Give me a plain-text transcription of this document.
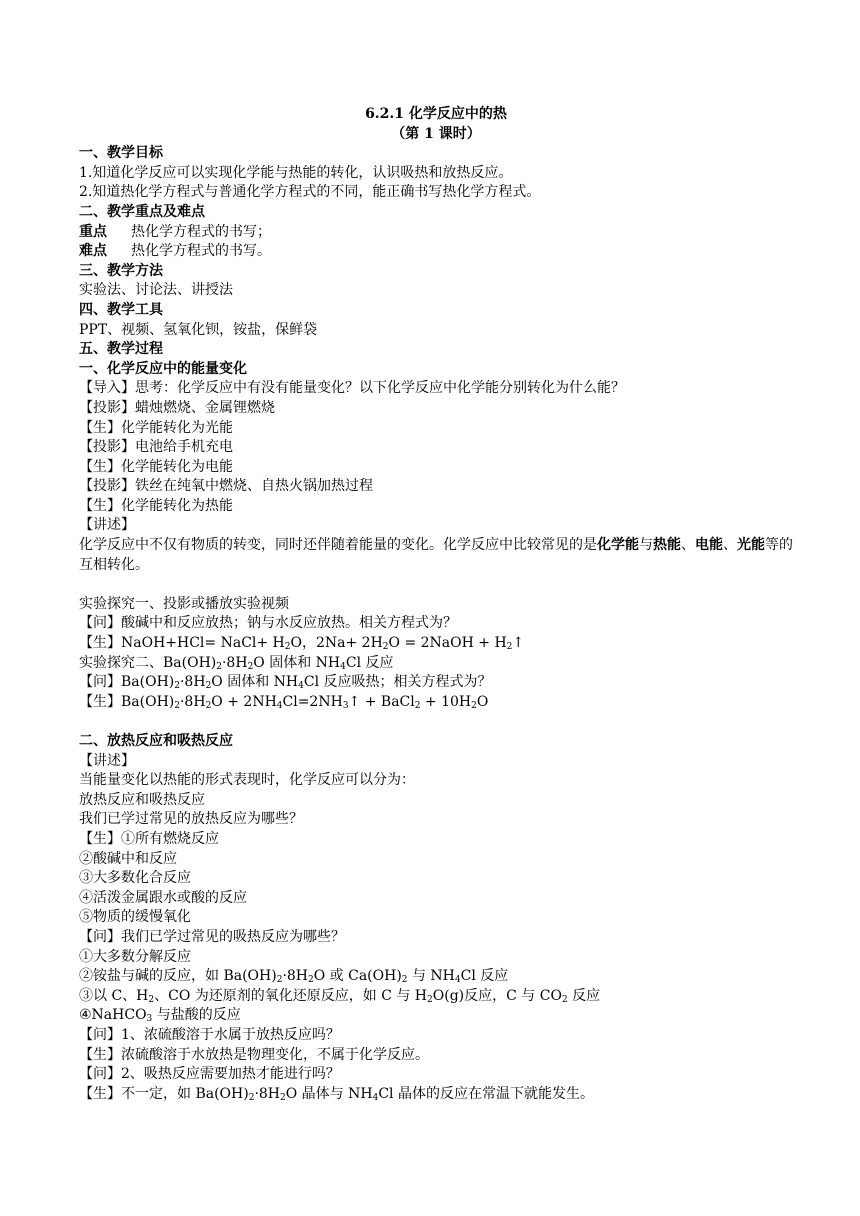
6.2.1 化学反应中的热
（第 1 课时）
一、教学目标
1.知道化学反应可以实现化学能与热能的转化，认识吸热和放热反应。
2.知道热化学方程式与普通化学方程式的不同，能正确书写热化学方程式。
二、教学重点及难点
重点 热化学方程式的书写；
难点 热化学方程式的书写。
三、教学方法
实验法、讨论法、讲授法
四、教学工具
PPT、视频、氢氧化钡，铵盐，保鲜袋
五、教学过程
一、化学反应中的能量变化
【导入】思考：化学反应中有没有能量变化？以下化学反应中化学能分别转化为什么能？
【投影】蜡烛燃烧、金属锂燃烧
【生】化学能转化为光能
【投影】电池给手机充电
【生】化学能转化为电能
【投影】铁丝在纯氧中燃烧、自热火锅加热过程
【生】化学能转化为热能
【讲述】
化学反应中不仅有物质的转变，同时还伴随着能量的变化。化学反应中比较常见的是化学能与热能、电能、光能等的互相转化。
实验探究一、投影或播放实验视频
【问】酸碱中和反应放热；钠与水反应放热。相关方程式为？
【生】NaOH+HCl= NaCl+ $H_2O$，$2Na+ 2H_2O$ = 2NaOH + $H_2↑$
实验探究二、$Ba(OH)_2\cdot 8H_2O$ 固体和 $NH_4Cl$ 反应
【问】$Ba(OH)_2\cdot 8H_2O$ 固体和 $NH_4Cl$ 反应吸热；相关方程式为？
【生】$Ba(OH)_2\cdot 8H_2O$ + $2NH_4Cl=2NH_3↑$ + BaCl$_2$ + $10H_2O$
二、放热反应和吸热反应
【讲述】
当能量变化以热能的形式表现时，化学反应可以分为：
放热反应和吸热反应
我们已学过常见的放热反应为哪些？
【生】①所有燃烧反应
②酸碱中和反应
③大多数化合反应
④活泼金属跟水或酸的反应
⑤物质的缓慢氧化
【问】我们已学过常见的吸热反应为哪些？
①大多数分解反应
②铵盐与碱的反应，如 $Ba(OH)_2\cdot 8H_2O$ 或 $Ca(OH)_2$ 与 $NH_4Cl$ 反应
③以 C、$H_2$、CO 为还原剂的氧化还原反应，如 C 与 $H_2O(g)$反应，C 与 $CO_2$ 反应
④NaHCO$_3$ 与盐酸的反应
【问】1、浓硫酸溶于水属于放热反应吗？
【生】浓硫酸溶于水放热是物理变化，不属于化学反应。
【问】2、吸热反应需要加热才能进行吗？
【生】不一定，如 $Ba(OH)_2\cdot 8H_2O$ 晶体与 $NH_4Cl$ 晶体的反应在常温下就能发生。
